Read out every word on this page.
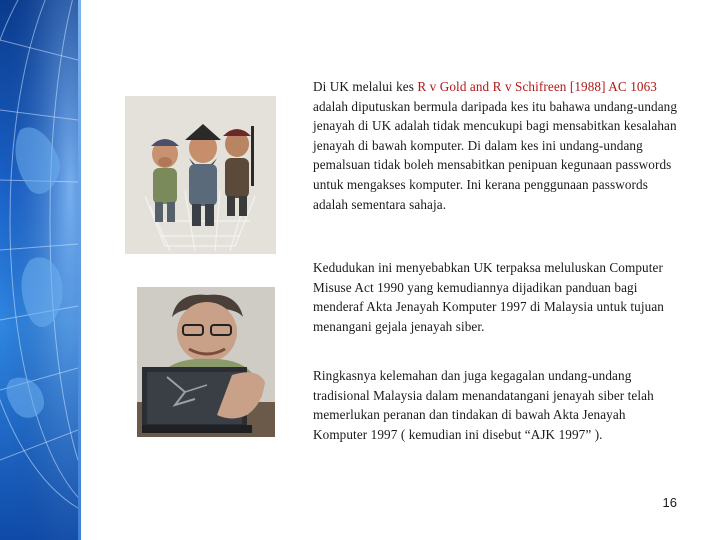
Di UK melalui kes R v Gold and R v Schifreen [1988] AC 1063 adalah diputuskan bermula daripada kes itu bahawa undang-undang jenayah di UK adalah tidak mencukupi bagi mensabitkan kesalahan jenayah di bawah komputer. Di dalam kes ini undang-undang pemalsuan tidak boleh mensabitkan penipuan kegunaan passwords untuk mengakses komputer. Ini kerana penggunaan passwords adalah sementara sahaja.
Kedudukan ini menyebabkan UK terpaksa meluluskan Computer Misuse Act 1990 yang kemudiannya dijadikan panduan bagi menderaf Akta Jenayah Komputer 1997 di Malaysia untuk tujuan menangani gejala jenayah siber.
Ringkasnya kelemahan dan juga kegagalan undang-undang tradisional Malaysia dalam menandatangani jenayah siber telah memerlukan peranan dan tindakan di bawah Akta Jenayah Komputer 1997 ( kemudian ini disebut “AJK 1997” ).
16
